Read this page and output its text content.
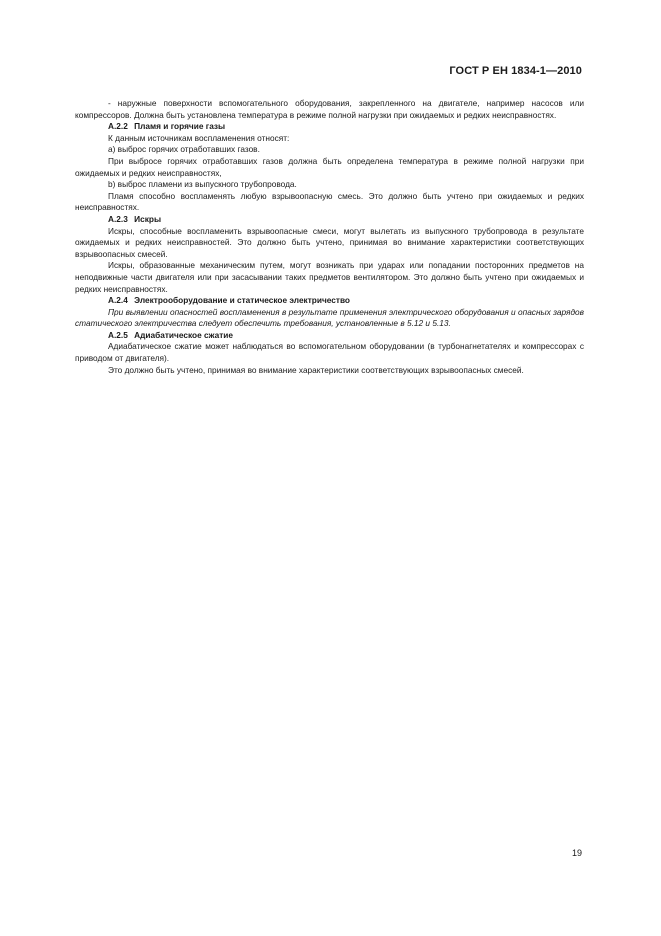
ГОСТ Р ЕН 1834-1—2010

- наружные поверхности вспомогательного оборудования, закрепленного на двигателе, например насосов или компрессоров. Должна быть установлена температура в режиме полной нагрузки при ожидаемых и редких неисправностях.

А.2.2 Пламя и горячие газы

К данным источникам воспламенения относят:

а) выброс горячих отработавших газов.

При выбросе горячих отработавших газов должна быть определена температура в режиме полной нагрузки при ожидаемых и редких неисправностях,

b) выброс пламени из выпускного трубопровода.

Пламя способно воспламенять любую взрывоопасную смесь. Это должно быть учтено при ожидаемых и редких неисправностях.

А.2.3 Искры

Искры, способные воспламенить взрывоопасные смеси, могут вылетать из выпускного трубопровода в результате ожидаемых и редких неисправностей. Это должно быть учтено, принимая во внимание характеристики соответствующих взрывоопасных смесей.

Искры, образованные механическим путем, могут возникать при ударах или попадании посторонних предметов на неподвижные части двигателя или при засасывании таких предметов вентилятором. Это должно быть учтено при ожидаемых и редких неисправностях.

А.2.4 Электрооборудование и статическое электричество

При выявлении опасностей воспламенения в результате применения электрического оборудования и опасных зарядов статического электричества следует обеспечить требования, установленные в 5.12 и 5.13.

А.2.5 Адиабатическое сжатие

Адиабатическое сжатие может наблюдаться во вспомогательном оборудовании (в турбонагнетателях и компрессорах с приводом от двигателя).

Это должно быть учтено, принимая во внимание характеристики соответствующих взрывоопасных смесей.

19
